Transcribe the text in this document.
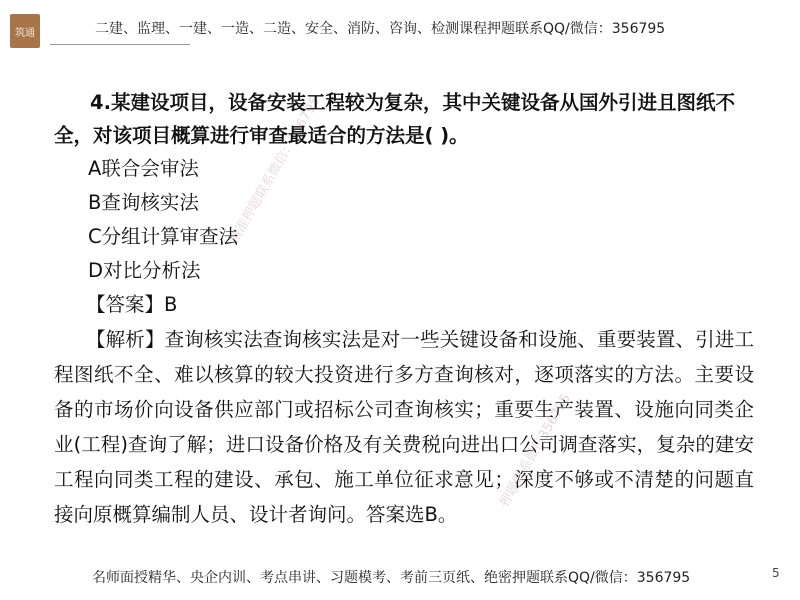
筑通	二建、监理、一建、一造、二造、安全、消防、咨询、检测课程押题联系QQ/微信：356795
精准押题联系微信：356795
押题联系微信356795

4.某建设项目，设备安装工程较为复杂，其中关键设备从国外引进且图纸不全，对该项目概算进行审查最适合的方法是( )。

A联合会审法

B查询核实法

C分组计算审查法

D对比分析法

【答案】B

【解析】查询核实法查询核实法是对一些关键设备和设施、重要装置、引进工程图纸不全、难以核算的较大投资进行多方查询核对，逐项落实的方法。主要设备的市场价向设备供应部门或招标公司查询核实；重要生产装置、设施向同类企业(工程)查询了解；进口设备价格及有关费税向进出口公司调查落实，复杂的建安工程向同类工程的建设、承包、施工单位征求意见；深度不够或不清楚的问题直接向原概算编制人员、设计者询问。答案选B。

名师面授精华、央企内训、考点串讲、习题模考、考前三页纸、绝密押题联系QQ/微信：356795	5
